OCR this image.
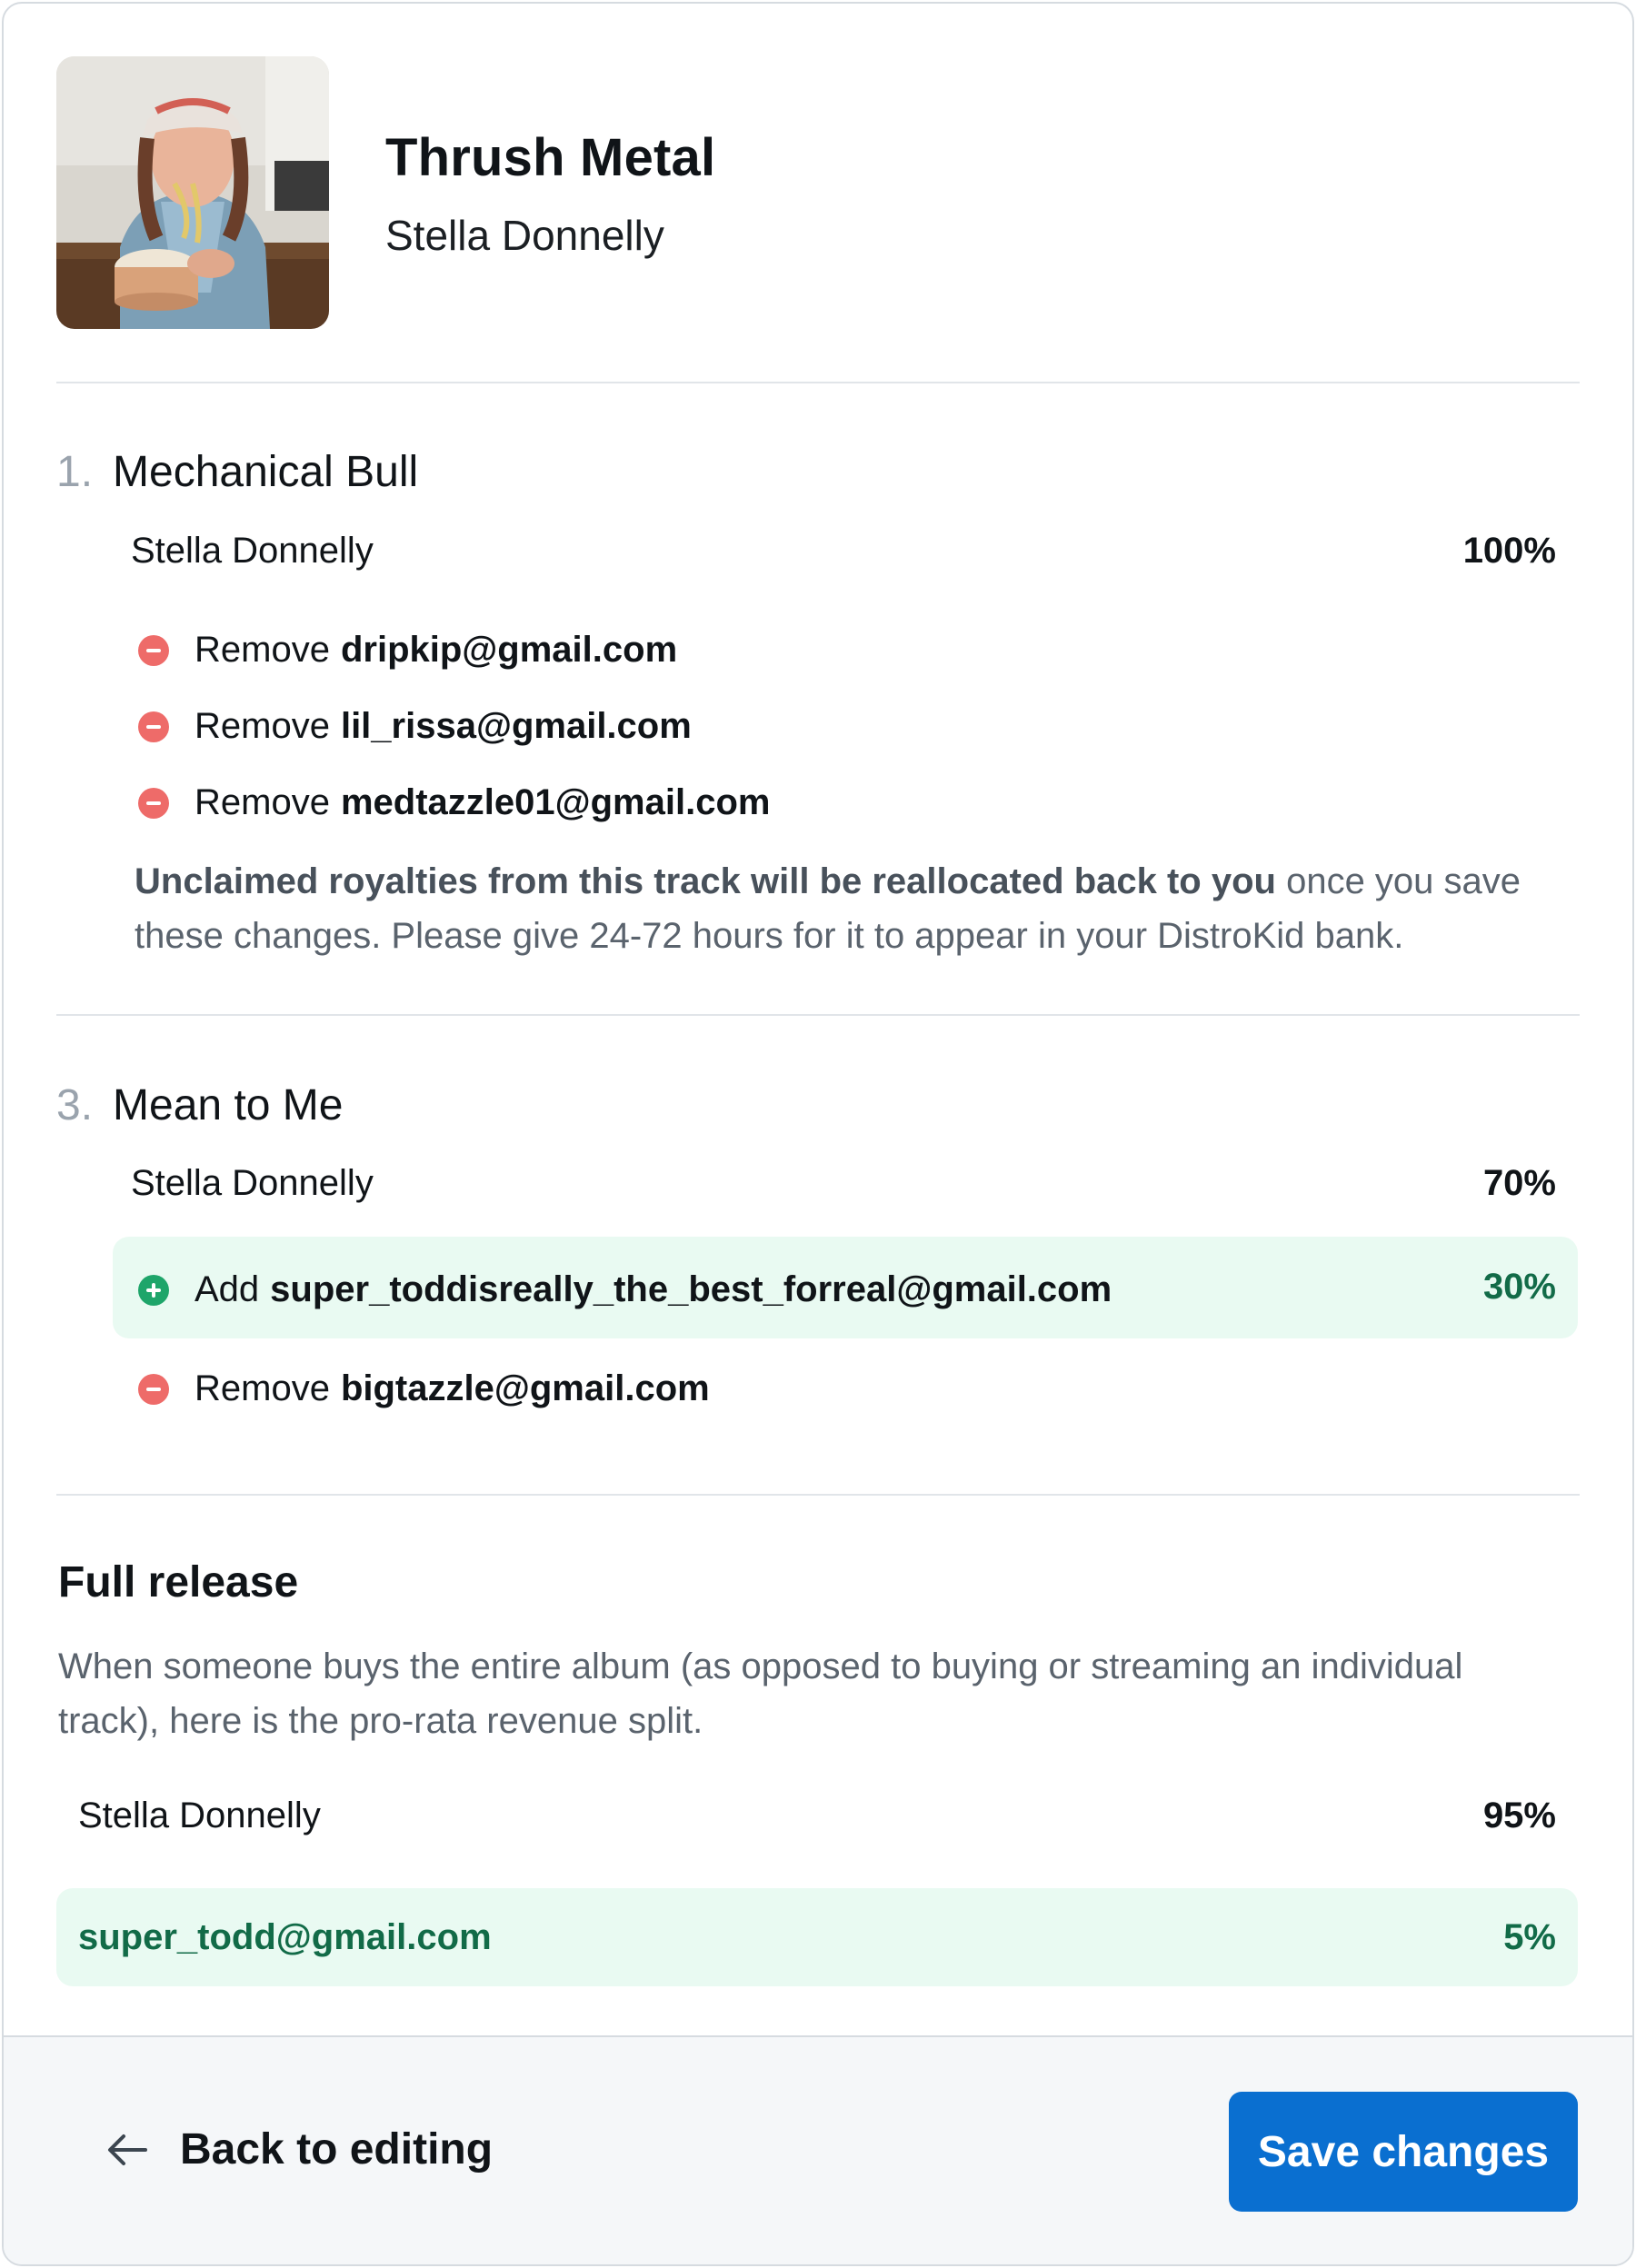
Thrush Metal
Stella Donnelly
1. Mechanical Bull
Stella Donnelly	100%
Remove dripkip@gmail.com
Remove lil_rissa@gmail.com
Remove medtazzle01@gmail.com
Unclaimed royalties from this track will be reallocated back to you once you save these changes. Please give 24-72 hours for it to appear in your DistroKid bank.
3. Mean to Me
Stella Donnelly	70%
Add super_toddisreally_the_best_forreal@gmail.com	30%
Remove bigtazzle@gmail.com
Full release
When someone buys the entire album (as opposed to buying or streaming an individual track), here is the pro-rata revenue split.
Stella Donnelly	95%
super_todd@gmail.com	5%
Back to editing	Save changes
